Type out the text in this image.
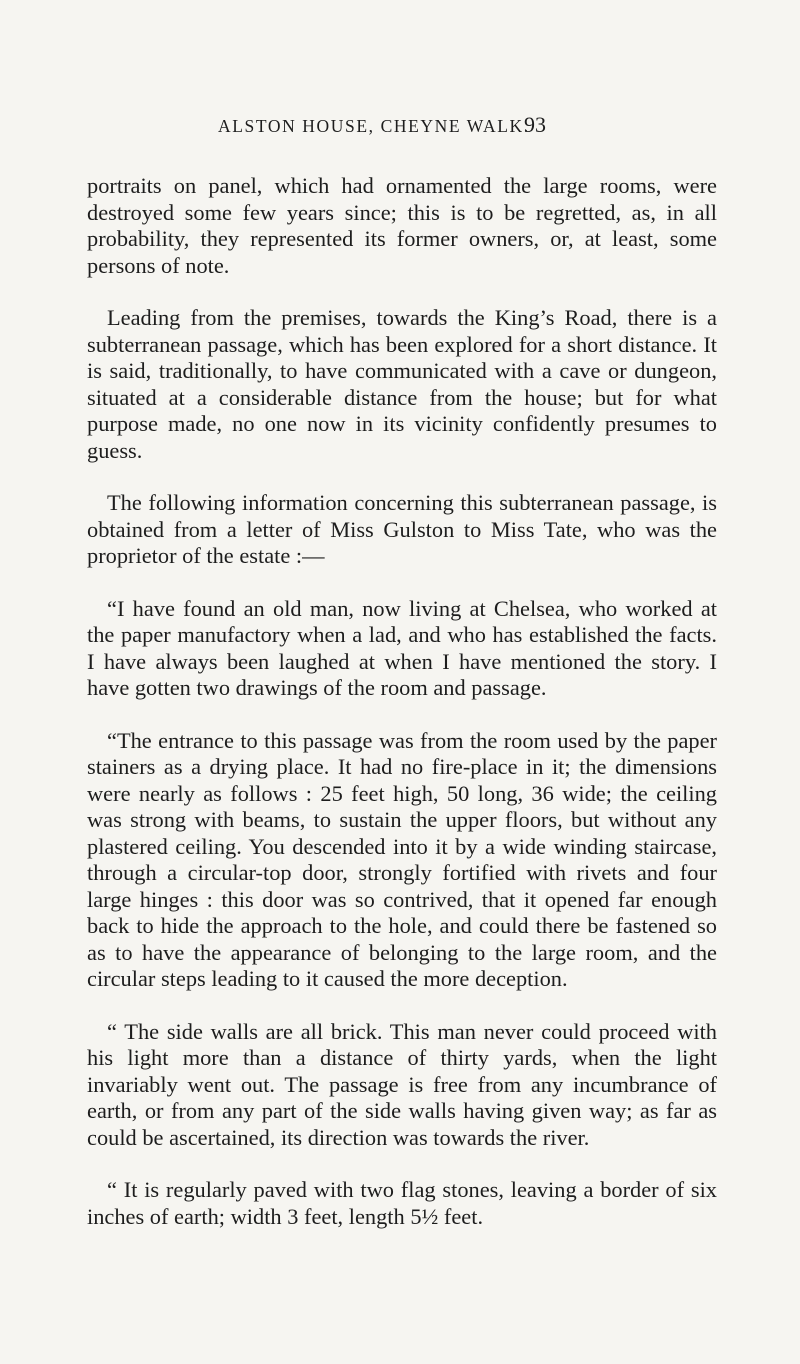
ALSTON HOUSE, CHEYNE WALK.
93

portraits on panel, which had ornamented the large rooms, were destroyed some few years since; this is to be regretted, as, in all probability, they represented its former owners, or, at least, some persons of note.

Leading from the premises, towards the King’s Road, there is a subterranean passage, which has been explored for a short distance. It is said, traditionally, to have communicated with a cave or dungeon, situated at a considerable distance from the house; but for what purpose made, no one now in its vicinity confidently presumes to guess.

The following information concerning this subterranean passage, is obtained from a letter of Miss Gulston to Miss Tate, who was the proprietor of the estate :—

“I have found an old man, now living at Chelsea, who worked at the paper manufactory when a lad, and who has established the facts. I have always been laughed at when I have mentioned the story. I have gotten two drawings of the room and passage.

“The entrance to this passage was from the room used by the paper stainers as a drying place. It had no fire-place in it; the dimensions were nearly as follows : 25 feet high, 50 long, 36 wide; the ceiling was strong with beams, to sustain the upper floors, but without any plastered ceiling. You descended into it by a wide winding staircase, through a circular-top door, strongly fortified with rivets and four large hinges : this door was so contrived, that it opened far enough back to hide the approach to the hole, and could there be fastened so as to have the appearance of belonging to the large room, and the circular steps leading to it caused the more deception.

“ The side walls are all brick. This man never could proceed with his light more than a distance of thirty yards, when the light invariably went out. The passage is free from any incumbrance of earth, or from any part of the side walls having given way; as far as could be ascertained, its direction was towards the river.

“ It is regularly paved with two flag stones, leaving a border of six inches of earth; width 3 feet, length 5½ feet.
